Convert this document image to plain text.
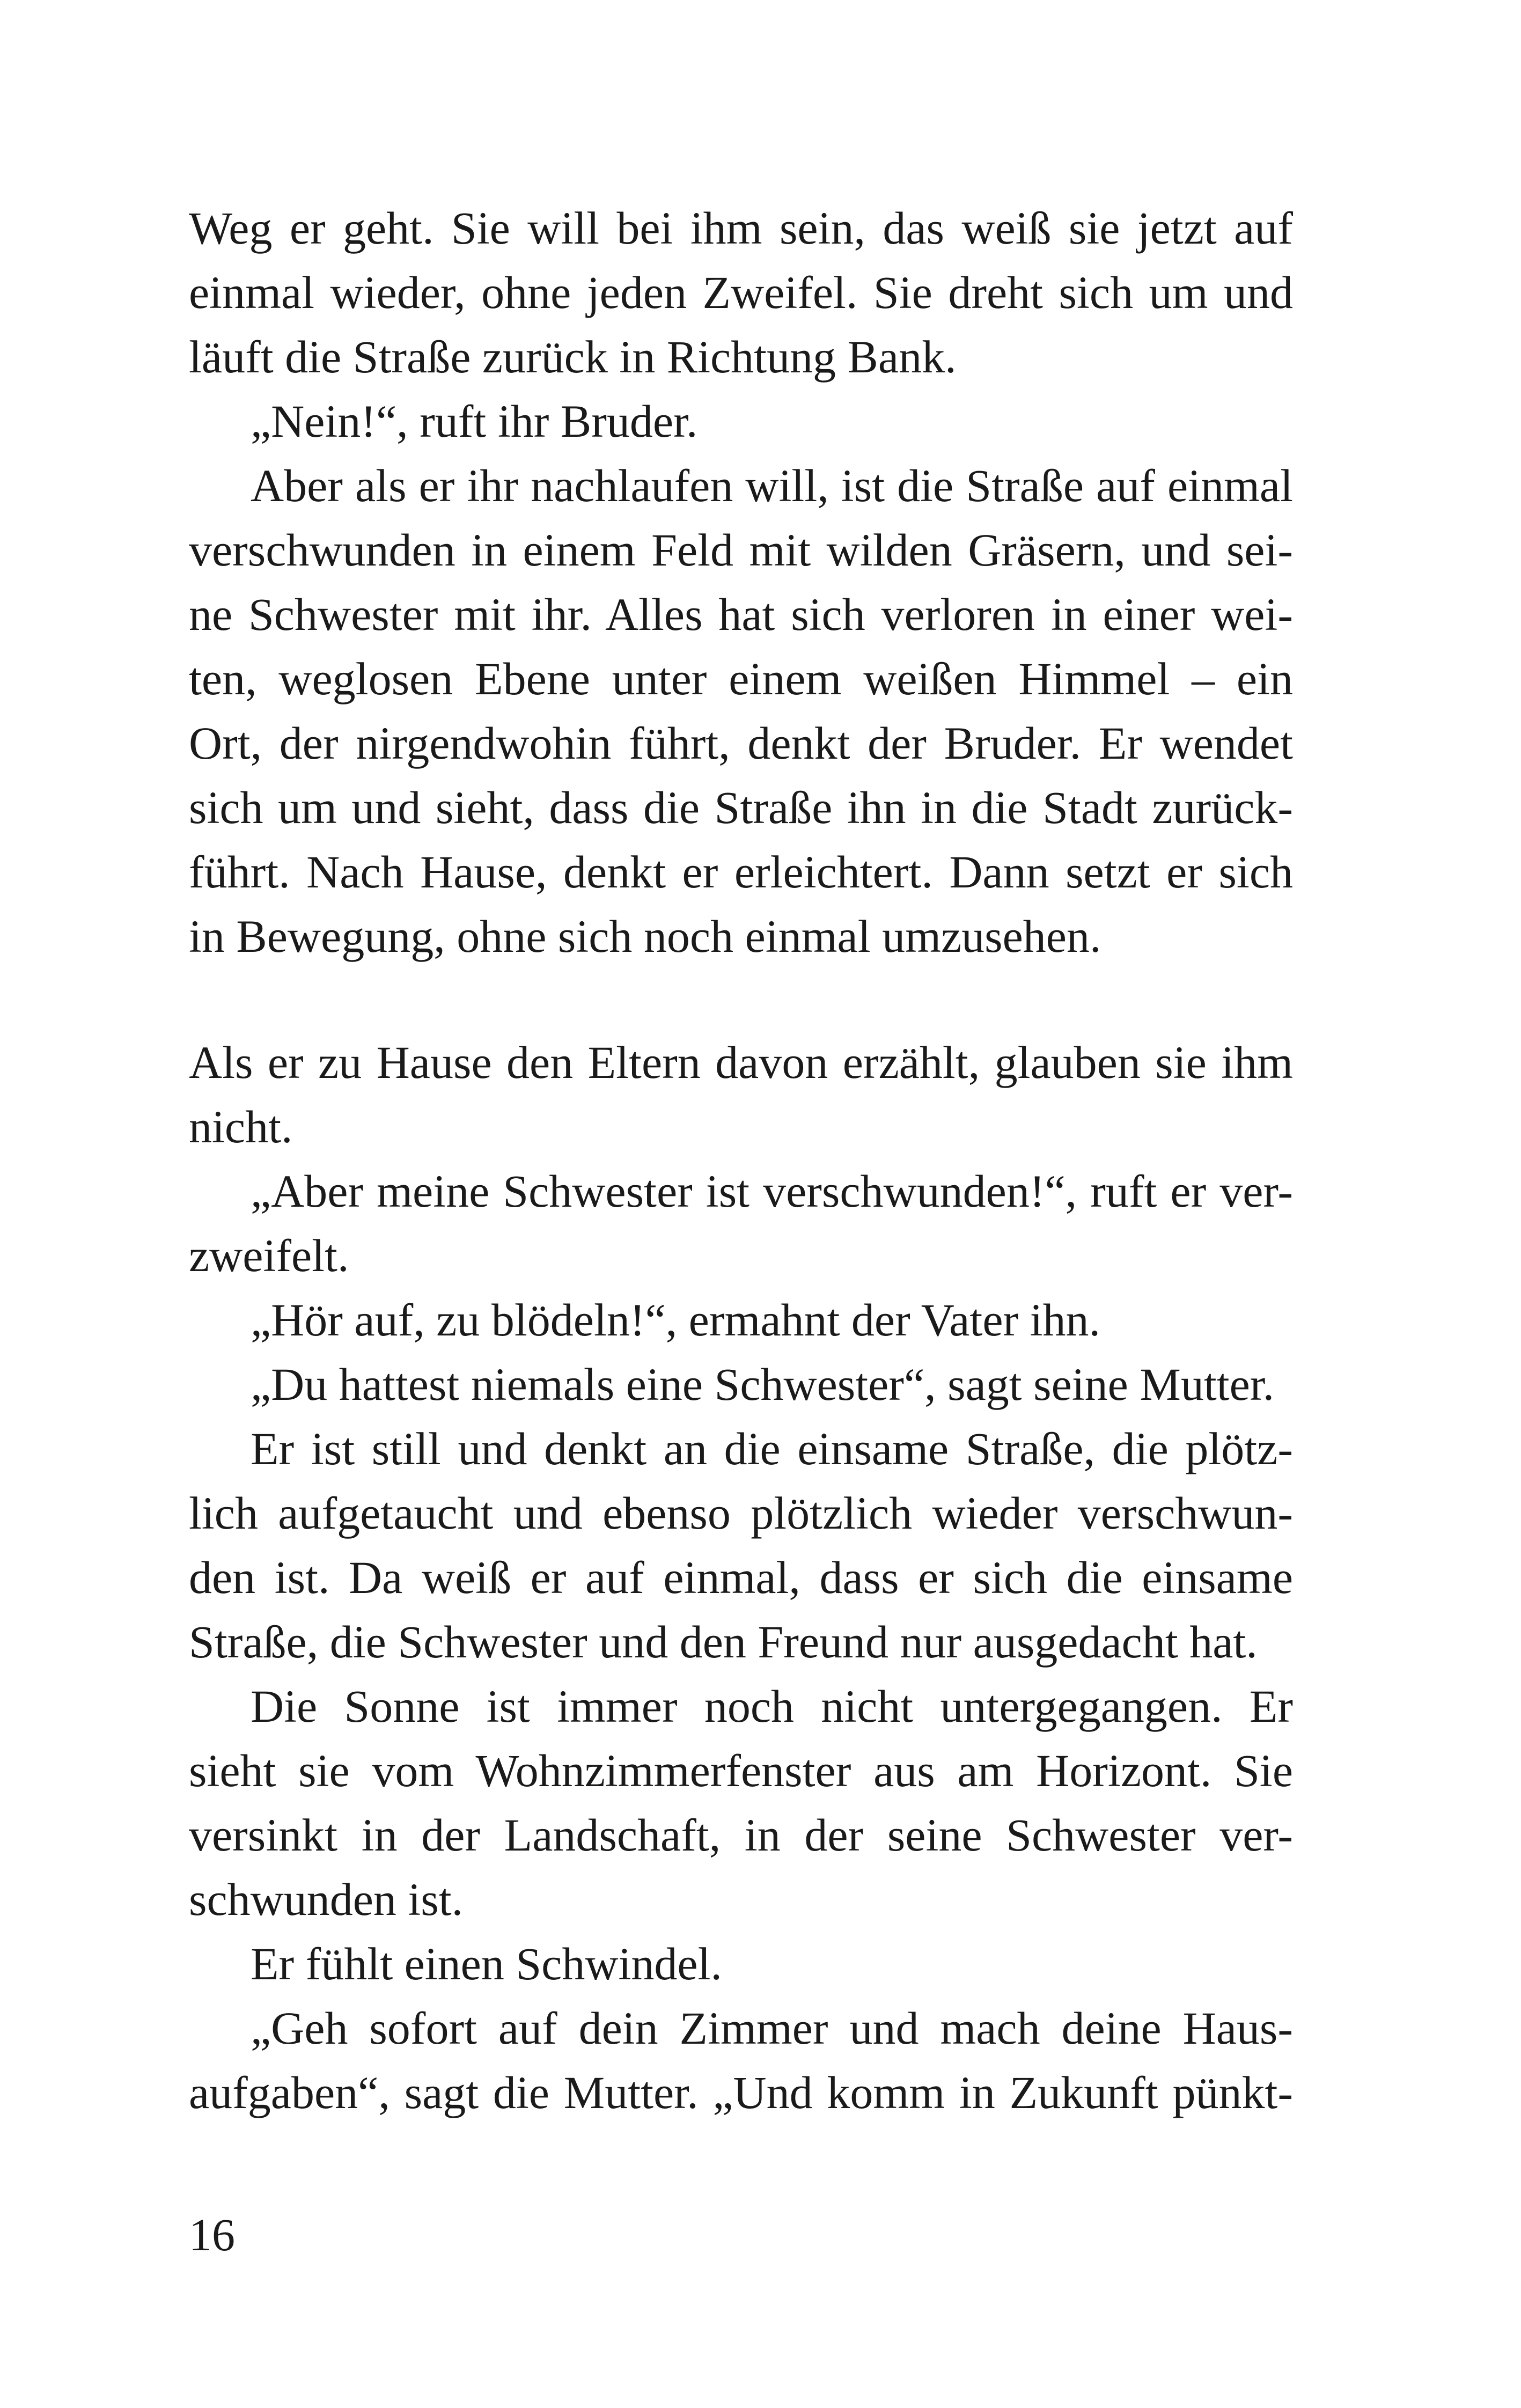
Weg er geht. Sie will bei ihm sein, das weiß sie jetzt auf
einmal wieder, ohne jeden Zweifel. Sie dreht sich um und
läuft die Straße zurück in Richtung Bank.
„Nein!“, ruft ihr Bruder.
Aber als er ihr nachlaufen will, ist die Straße auf einmal
verschwunden in einem Feld mit wilden Gräsern, und sei-
ne Schwester mit ihr. Alles hat sich verloren in einer wei-
ten, weglosen Ebene unter einem weißen Himmel – ein
Ort, der nirgendwohin führt, denkt der Bruder. Er wendet
sich um und sieht, dass die Straße ihn in die Stadt zurück-
führt. Nach Hause, denkt er erleichtert. Dann setzt er sich
in Bewegung, ohne sich noch einmal umzusehen.
Als er zu Hause den Eltern davon erzählt, glauben sie ihm
nicht.
„Aber meine Schwester ist verschwunden!“, ruft er ver-
zweifelt.
„Hör auf, zu blödeln!“, ermahnt der Vater ihn.
„Du hattest niemals eine Schwester“, sagt seine Mutter.
Er ist still und denkt an die einsame Straße, die plötz-
lich aufgetaucht und ebenso plötzlich wieder verschwun-
den ist. Da weiß er auf einmal, dass er sich die einsame
Straße, die Schwester und den Freund nur ausgedacht hat.
Die Sonne ist immer noch nicht untergegangen. Er
sieht sie vom Wohnzimmerfenster aus am Horizont. Sie
versinkt in der Landschaft, in der seine Schwester ver-
schwunden ist.
Er fühlt einen Schwindel.
„Geh sofort auf dein Zimmer und mach deine Haus-
aufgaben“, sagt die Mutter. „Und komm in Zukunft pünkt-
16
